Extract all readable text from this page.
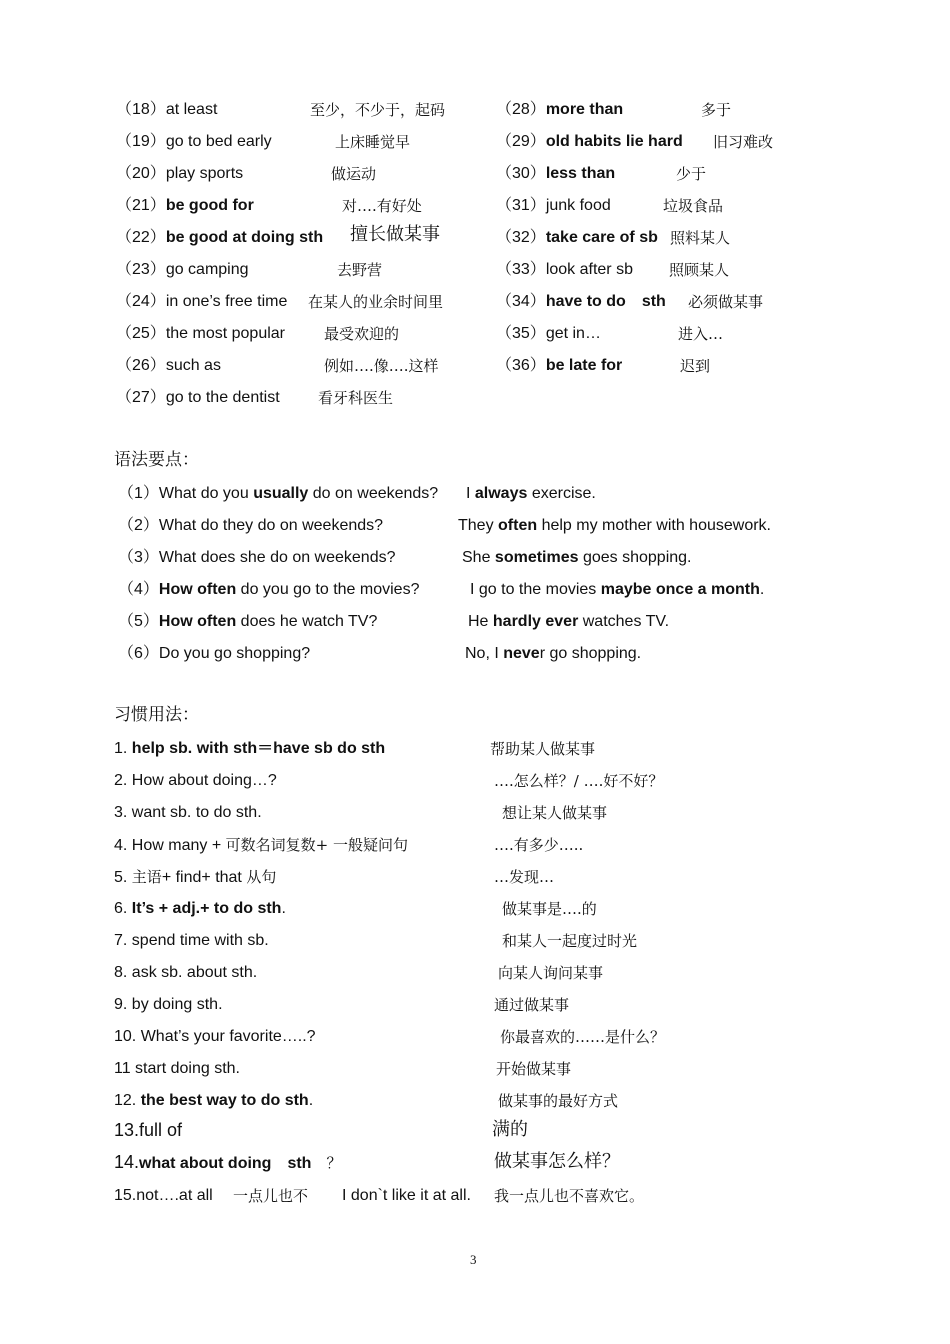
（18）at least	至少，不少于，起码
（19）go to bed early	上床睡觉早
（20）play sports	做运动
（21）be good for	对….有好处
（22）be good at doing sth 擅长做某事
（23）go camping	去野营
（24）in one’s free time 在某人的业余时间里
（25）the most popular	最受欢迎的
（26）such as	例如….像….这样
（27）go to the dentist	看牙科医生
（28）more than	多于
（29）old habits lie hard 旧习难改
（30）less than	少于
（31）junk food	垃圾食品
（32）take care of sb 照料某人
（33）look after sb 照顾某人
（34）have to do　sth 必须做某事
（35）get in…	进入…
（36）be late for	迟到
语法要点：
（1）What do you usually do on weekends? I always exercise.
（2）What do they do on weekends?	They often help my mother with housework.
（3）What does she do on weekends?	She sometimes goes shopping.
（4）How often do you go to the movies?	I go to the movies maybe once a month.
（5）How often does he watch TV?	He hardly ever watches TV.
（6）Do you go shopping?	No, I never go shopping.
习惯用法：
1. help sb. with sth＝have sb do sth	帮助某人做某事
2. How about doing…?	….怎么样？/ ….好不好？
3. want sb. to do sth.	想让某人做某事
4. How many + 可数名词复数+ 一般疑问句	….有多少…..
5. 主语+ find+ that 从句	…发现…
6. It’s + adj.+ to do sth.	做某事是….的
7. spend time with sb.	和某人一起度过时光
8. ask sb. about sth.	向某人询问某事
9. by doing sth.	通过做某事
10. What’s your favorite…..?	你最喜欢的……是什么？
11 start doing sth.	开始做某事
12. the best way to do sth.	做某事的最好方式
13.full of	满的
14.what about doing　sth　？	做某事怎么样？
15.not….at all 一点儿也不 I don`t like it at all. 我一点儿也不喜欢它。
3
